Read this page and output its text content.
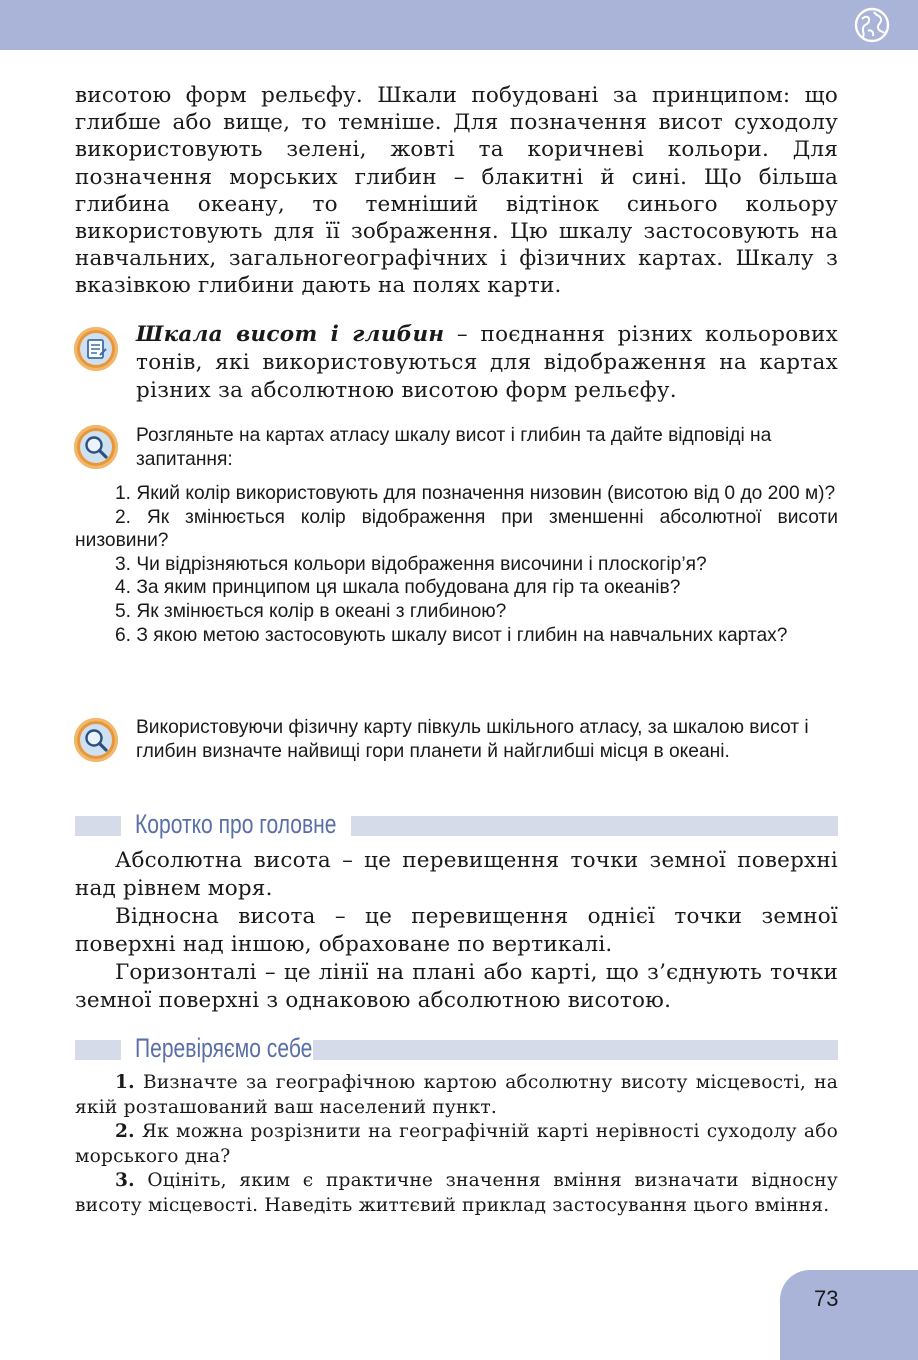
висотою форм рельєфу. Шкали побудовані за принципом: що глибше або вище, то темніше. Для позначення висот суходолу використовують зелені, жовті та коричневі кольори. Для позначення морських глибин – блакитні й сині. Що більша глибина океану, то темніший відтінок синього кольору використовують для її зображення. Цю шкалу застосовують на навчальних, загальногеографічних і фізичних картах. Шкалу з вказівкою глибини дають на полях карти.

Шкала висот і глибин – поєднання різних кольорових тонів, які використовуються для відображення на картах різних за абсолютною висотою форм рельєфу.
Розгляньте на картах атласу шкалу висот і глибин та дайте відповіді на запитання:

1. Який колір використовують для позначення низовин (висотою від 0 до 200 м)?

2. Як змінюється колір відображення при зменшенні абсолютної висоти низовини?

3. Чи відрізняються кольори відображення височини і плоскогір’я?

4. За яким принципом ця шкала побудована для гір та океанів?

5. Як змінюється колір в океані з глибиною?

6. З якою метою застосовують шкалу висот і глибин на навчальних картах?

Використовуючи фізичну карту півкуль шкільного атласу, за шкалою висот і глибин визначте найвищі гори планети й найглибші місця в океані.
Коротко про головне

Абсолютна висота – це перевищення точки земної поверхні над рівнем моря.

Відносна висота – це перевищення однієї точки земної поверхні над іншою, обраховане по вертикалі.

Горизонталі – це лінії на плані або карті, що з’єднують точки земної поверхні з однаковою абсолютною висотою.

Перевіряємо себе

1. Визначте за географічною картою абсолютну висоту місцевості, на якій розташований ваш населений пункт.

2. Як можна розрізнити на географічній карті нерівності суходолу або морського дна?

3. Оцініть, яким є практичне значення вміння визначати відносну висоту місцевості. Наведіть життєвий приклад застосування цього вміння.

73
